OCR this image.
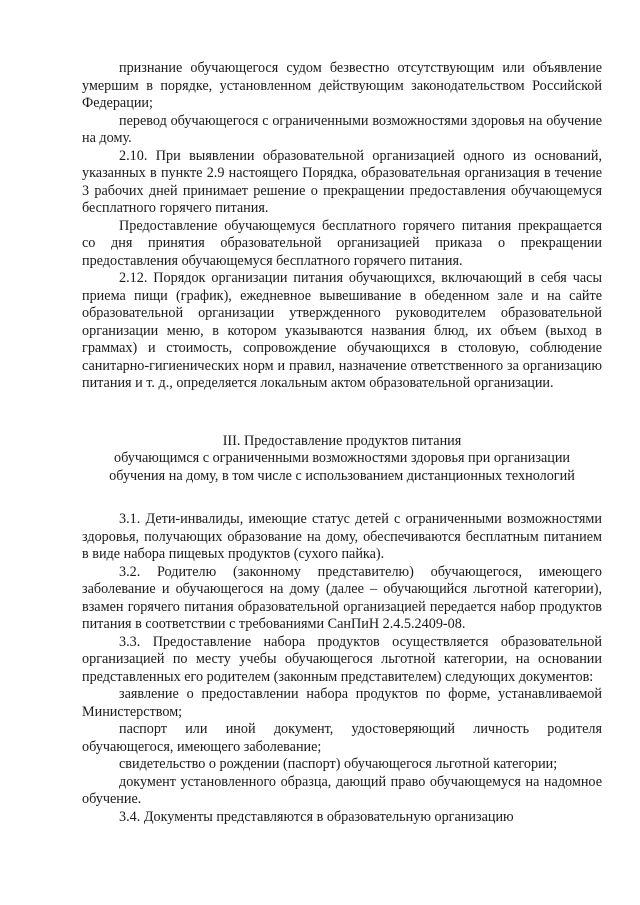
признание обучающегося судом безвестно отсутствующим или объявление умершим в порядке, установленном действующим законодательством Российской Федерации;

перевод обучающегося с ограниченными возможностями здоровья на обучение на дому.

2.10. При выявлении образовательной организацией одного из оснований, указанных в пункте 2.9 настоящего Порядка, образовательная организация в течение 3 рабочих дней принимает решение о прекращении предоставления обучающемуся бесплатного горячего питания.

Предоставление обучающемуся бесплатного горячего питания прекращается со дня принятия образовательной организацией приказа о прекращении предоставления обучающемуся бесплатного горячего питания.

2.12. Порядок организации питания обучающихся, включающий в себя часы приема пищи (график), ежедневное вывешивание в обеденном зале и на сайте образовательной организации утвержденного руководителем образовательной организации меню, в котором указываются названия блюд, их объем (выход в граммах) и стоимость, сопровождение обучающихся в столовую, соблюдение санитарно-гигиенических норм и правил, назначение ответственного за организацию питания и т. д., определяется локальным актом образовательной организации.

III. Предоставление продуктов питания

обучающимся с ограниченными возможностями здоровья при организации

обучения на дому, в том числе с использованием дистанционных технологий

3.1. Дети-инвалиды, имеющие статус детей с ограниченными возможностями здоровья, получающих образование на дому, обеспечиваются бесплатным питанием в виде набора пищевых продуктов (сухого пайка).

3.2. Родителю (законному представителю) обучающегося, имеющего заболевание и обучающегося на дому (далее – обучающийся льготной категории), взамен горячего питания образовательной организацией передается набор продуктов питания в соответствии с требованиями СанПиН 2.4.5.2409-08.

3.3. Предоставление набора продуктов осуществляется образовательной организацией по месту учебы обучающегося льготной категории, на основании представленных его родителем (законным представителем) следующих документов:

заявление о предоставлении набора продуктов по форме, устанавливаемой Министерством;

паспорт или иной документ, удостоверяющий личность родителя обучающегося, имеющего заболевание;

свидетельство о рождении (паспорт) обучающегося льготной категории;

документ установленного образца, дающий право обучающемуся на надомное обучение.

3.4. Документы представляются в образовательную организацию
